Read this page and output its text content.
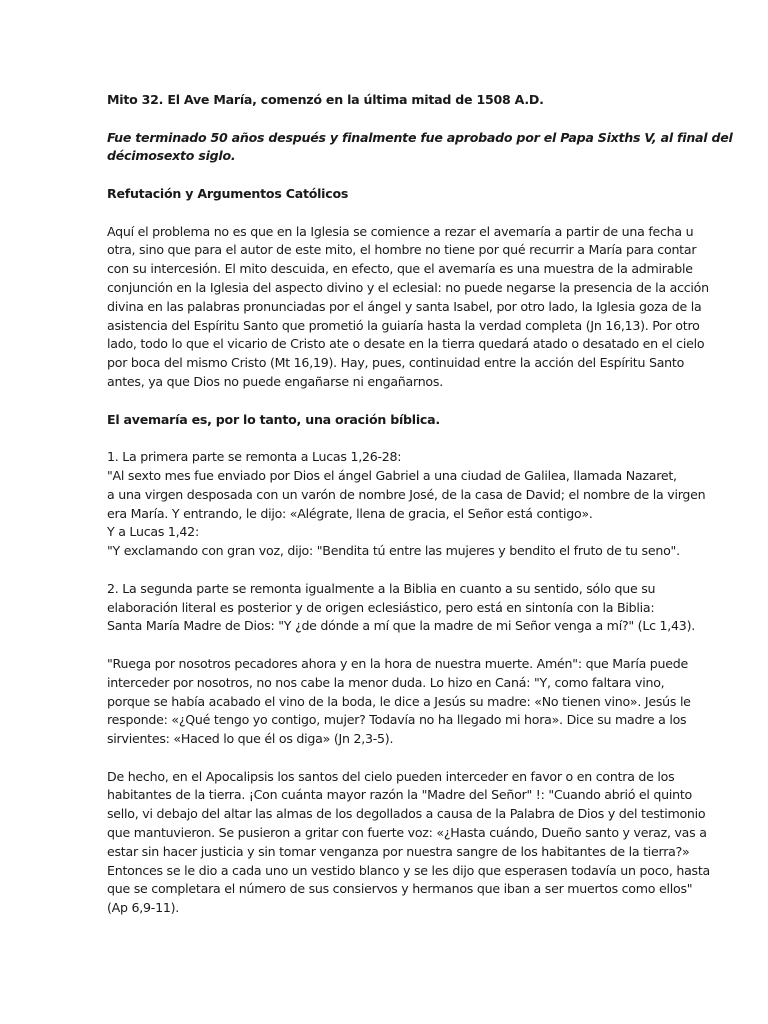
Mito 32. El Ave María, comenzó en la última mitad de 1508 A.D.

Fue terminado 50 años después y finalmente fue aprobado por el Papa Sixths V, al final del
décimosexto siglo.

Refutación y Argumentos Católicos

Aquí el problema no es que en la Iglesia se comience a rezar el avemaría a partir de una fecha u
otra, sino que para el autor de este mito, el hombre no tiene por qué recurrir a María para contar
con su intercesión. El mito descuida, en efecto, que el avemaría es una muestra de la admirable
conjunción en la Iglesia del aspecto divino y el eclesial: no puede negarse la presencia de la acción
divina en las palabras pronunciadas por el ángel y santa Isabel, por otro lado, la Iglesia goza de la
asistencia del Espíritu Santo que prometió la guiaría hasta la verdad completa (Jn 16,13). Por otro
lado, todo lo que el vicario de Cristo ate o desate en la tierra quedará atado o desatado en el cielo
por boca del mismo Cristo (Mt 16,19). Hay, pues, continuidad entre la acción del Espíritu Santo
antes, ya que Dios no puede engañarse ni engañarnos.

El avemaría es, por lo tanto, una oración bíblica.

1. La primera parte se remonta a Lucas 1,26-28:
"Al sexto mes fue enviado por Dios el ángel Gabriel a una ciudad de Galilea, llamada Nazaret,
a una virgen desposada con un varón de nombre José, de la casa de David; el nombre de la virgen
era María. Y entrando, le dijo: «Alégrate, llena de gracia, el Señor está contigo».
Y a Lucas 1,42:
"Y exclamando con gran voz, dijo: "Bendita tú entre las mujeres y bendito el fruto de tu seno".

2. La segunda parte se remonta igualmente a la Biblia en cuanto a su sentido, sólo que su
elaboración literal es posterior y de origen eclesiástico, pero está en sintonía con la Biblia:
Santa María Madre de Dios: "Y ¿de dónde a mí que la madre de mi Señor venga a mí?" (Lc 1,43).

"Ruega por nosotros pecadores ahora y en la hora de nuestra muerte. Amén": que María puede
interceder por nosotros, no nos cabe la menor duda. Lo hizo en Caná: "Y, como faltara vino,
porque se había acabado el vino de la boda, le dice a Jesús su madre: «No tienen vino». Jesús le
responde: «¿Qué tengo yo contigo, mujer? Todavía no ha llegado mi hora». Dice su madre a los
sirvientes: «Haced lo que él os diga» (Jn 2,3-5).

De hecho, en el Apocalipsis los santos del cielo pueden interceder en favor o en contra de los
habitantes de la tierra. ¡Con cuánta mayor razón la "Madre del Señor" !: "Cuando abrió el quinto
sello, vi debajo del altar las almas de los degollados a causa de la Palabra de Dios y del testimonio
que mantuvieron. Se pusieron a gritar con fuerte voz: «¿Hasta cuándo, Dueño santo y veraz, vas a
estar sin hacer justicia y sin tomar venganza por nuestra sangre de los habitantes de la tierra?»
Entonces se le dio a cada uno un vestido blanco y se les dijo que esperasen todavía un poco, hasta
que se completara el número de sus consiervos y hermanos que iban a ser muertos como ellos"
(Ap 6,9-11).
